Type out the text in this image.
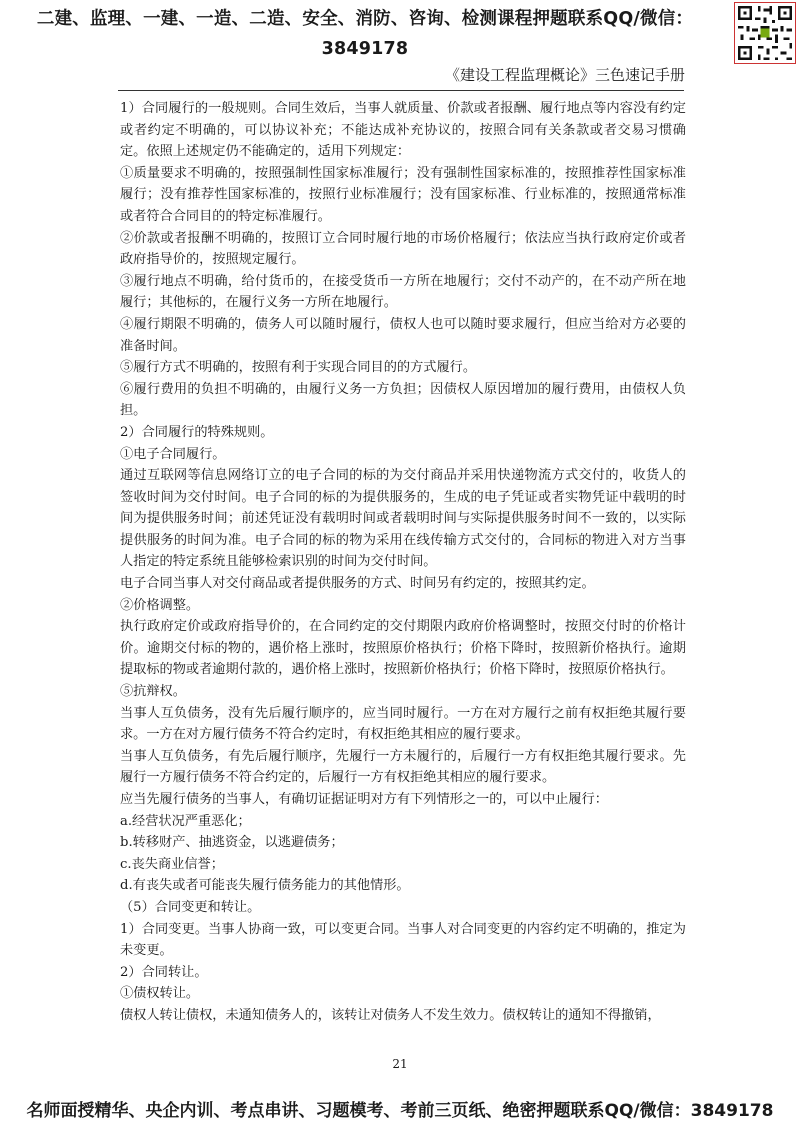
二建、监理、一建、一造、二造、安全、消防、咨询、检测课程押题联系QQ/微信：3849178
《建设工程监理概论》三色速记手册

1）合同履行的一般规则。合同生效后，当事人就质量、价款或者报酬、履行地点等内容没有约定或者约定不明确的，可以协议补充；不能达成补充协议的，按照合同有关条款或者交易习惯确定。依照上述规定仍不能确定的，适用下列规定：

①质量要求不明确的，按照强制性国家标准履行；没有强制性国家标准的，按照推荐性国家标准履行；没有推荐性国家标准的，按照行业标准履行；没有国家标准、行业标准的，按照通常标准或者符合合同目的的特定标准履行。

②价款或者报酬不明确的，按照订立合同时履行地的市场价格履行；依法应当执行政府定价或者政府指导价的，按照规定履行。

③履行地点不明确，给付货币的，在接受货币一方所在地履行；交付不动产的，在不动产所在地履行；其他标的，在履行义务一方所在地履行。

④履行期限不明确的，债务人可以随时履行，债权人也可以随时要求履行，但应当给对方必要的准备时间。

⑤履行方式不明确的，按照有利于实现合同目的的方式履行。

⑥履行费用的负担不明确的，由履行义务一方负担；因债权人原因增加的履行费用，由债权人负担。

2）合同履行的特殊规则。

①电子合同履行。

通过互联网等信息网络订立的电子合同的标的为交付商品并采用快递物流方式交付的，收货人的签收时间为交付时间。电子合同的标的为提供服务的，生成的电子凭证或者实物凭证中载明的时间为提供服务时间；前述凭证没有载明时间或者载明时间与实际提供服务时间不一致的，以实际提供服务的时间为准。电子合同的标的物为采用在线传输方式交付的，合同标的物进入对方当事人指定的特定系统且能够检索识别的时间为交付时间。

电子合同当事人对交付商品或者提供服务的方式、时间另有约定的，按照其约定。

②价格调整。

执行政府定价或政府指导价的，在合同约定的交付期限内政府价格调整时，按照交付时的价格计价。逾期交付标的物的，遇价格上涨时，按照原价格执行；价格下降时，按照新价格执行。逾期提取标的物或者逾期付款的，遇价格上涨时，按照新价格执行；价格下降时，按照原价格执行。

⑤抗辩权。

当事人互负债务，没有先后履行顺序的，应当同时履行。一方在对方履行之前有权拒绝其履行要求。一方在对方履行债务不符合约定时，有权拒绝其相应的履行要求。

当事人互负债务，有先后履行顺序，先履行一方未履行的，后履行一方有权拒绝其履行要求。先履行一方履行债务不符合约定的，后履行一方有权拒绝其相应的履行要求。

应当先履行债务的当事人，有确切证据证明对方有下列情形之一的，可以中止履行：

a.经营状况严重恶化；

b.转移财产、抽逃资金，以逃避债务；

c.丧失商业信誉；

d.有丧失或者可能丧失履行债务能力的其他情形。

（5）合同变更和转让。

1）合同变更。当事人协商一致，可以变更合同。当事人对合同变更的内容约定不明确的，推定为未变更。

2）合同转让。

①债权转让。

债权人转让债权，未通知债务人的，该转让对债务人不发生效力。债权转让的通知不得撤销，

21
名师面授精华、央企内训、考点串讲、习题模考、考前三页纸、绝密押题联系QQ/微信：3849178
